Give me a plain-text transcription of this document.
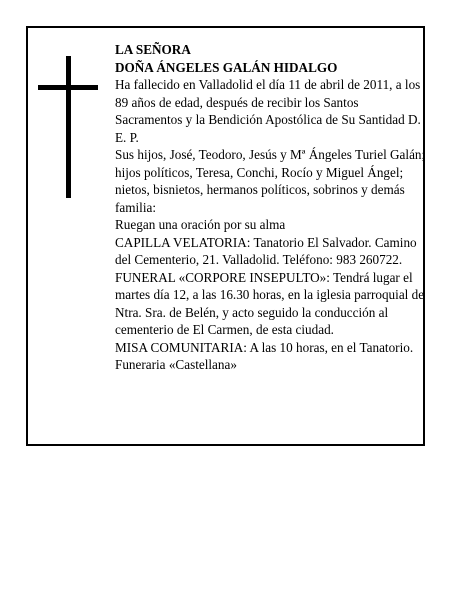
LA SEÑORA

DOÑA ÁNGELES GALÁN HIDALGO

Ha fallecido en Valladolid el día 11 de abril de 2011, a los 89 años de edad, después de recibir los Santos Sacramentos y la Bendición Apostólica de Su Santidad D. E. P.

Sus hijos, José, Teodoro, Jesús y Mª Ángeles Turiel Galán; hijos políticos, Teresa, Conchi, Rocío y Miguel Ángel; nietos, bisnietos, hermanos políticos, sobrinos y demás familia:

Ruegan una oración por su alma

CAPILLA VELATORIA: Tanatorio El Salvador. Camino del Cementerio, 21. Valladolid. Teléfono: 983 260722.

FUNERAL «CORPORE INSEPULTO»: Tendrá lugar el martes día 12, a las 16.30 horas, en la iglesia parroquial de Ntra. Sra. de Belén, y acto seguido la conducción al cementerio de El Carmen, de esta ciudad.

MISA COMUNITARIA: A las 10 horas, en el Tanatorio.

Funeraria «Castellana»
